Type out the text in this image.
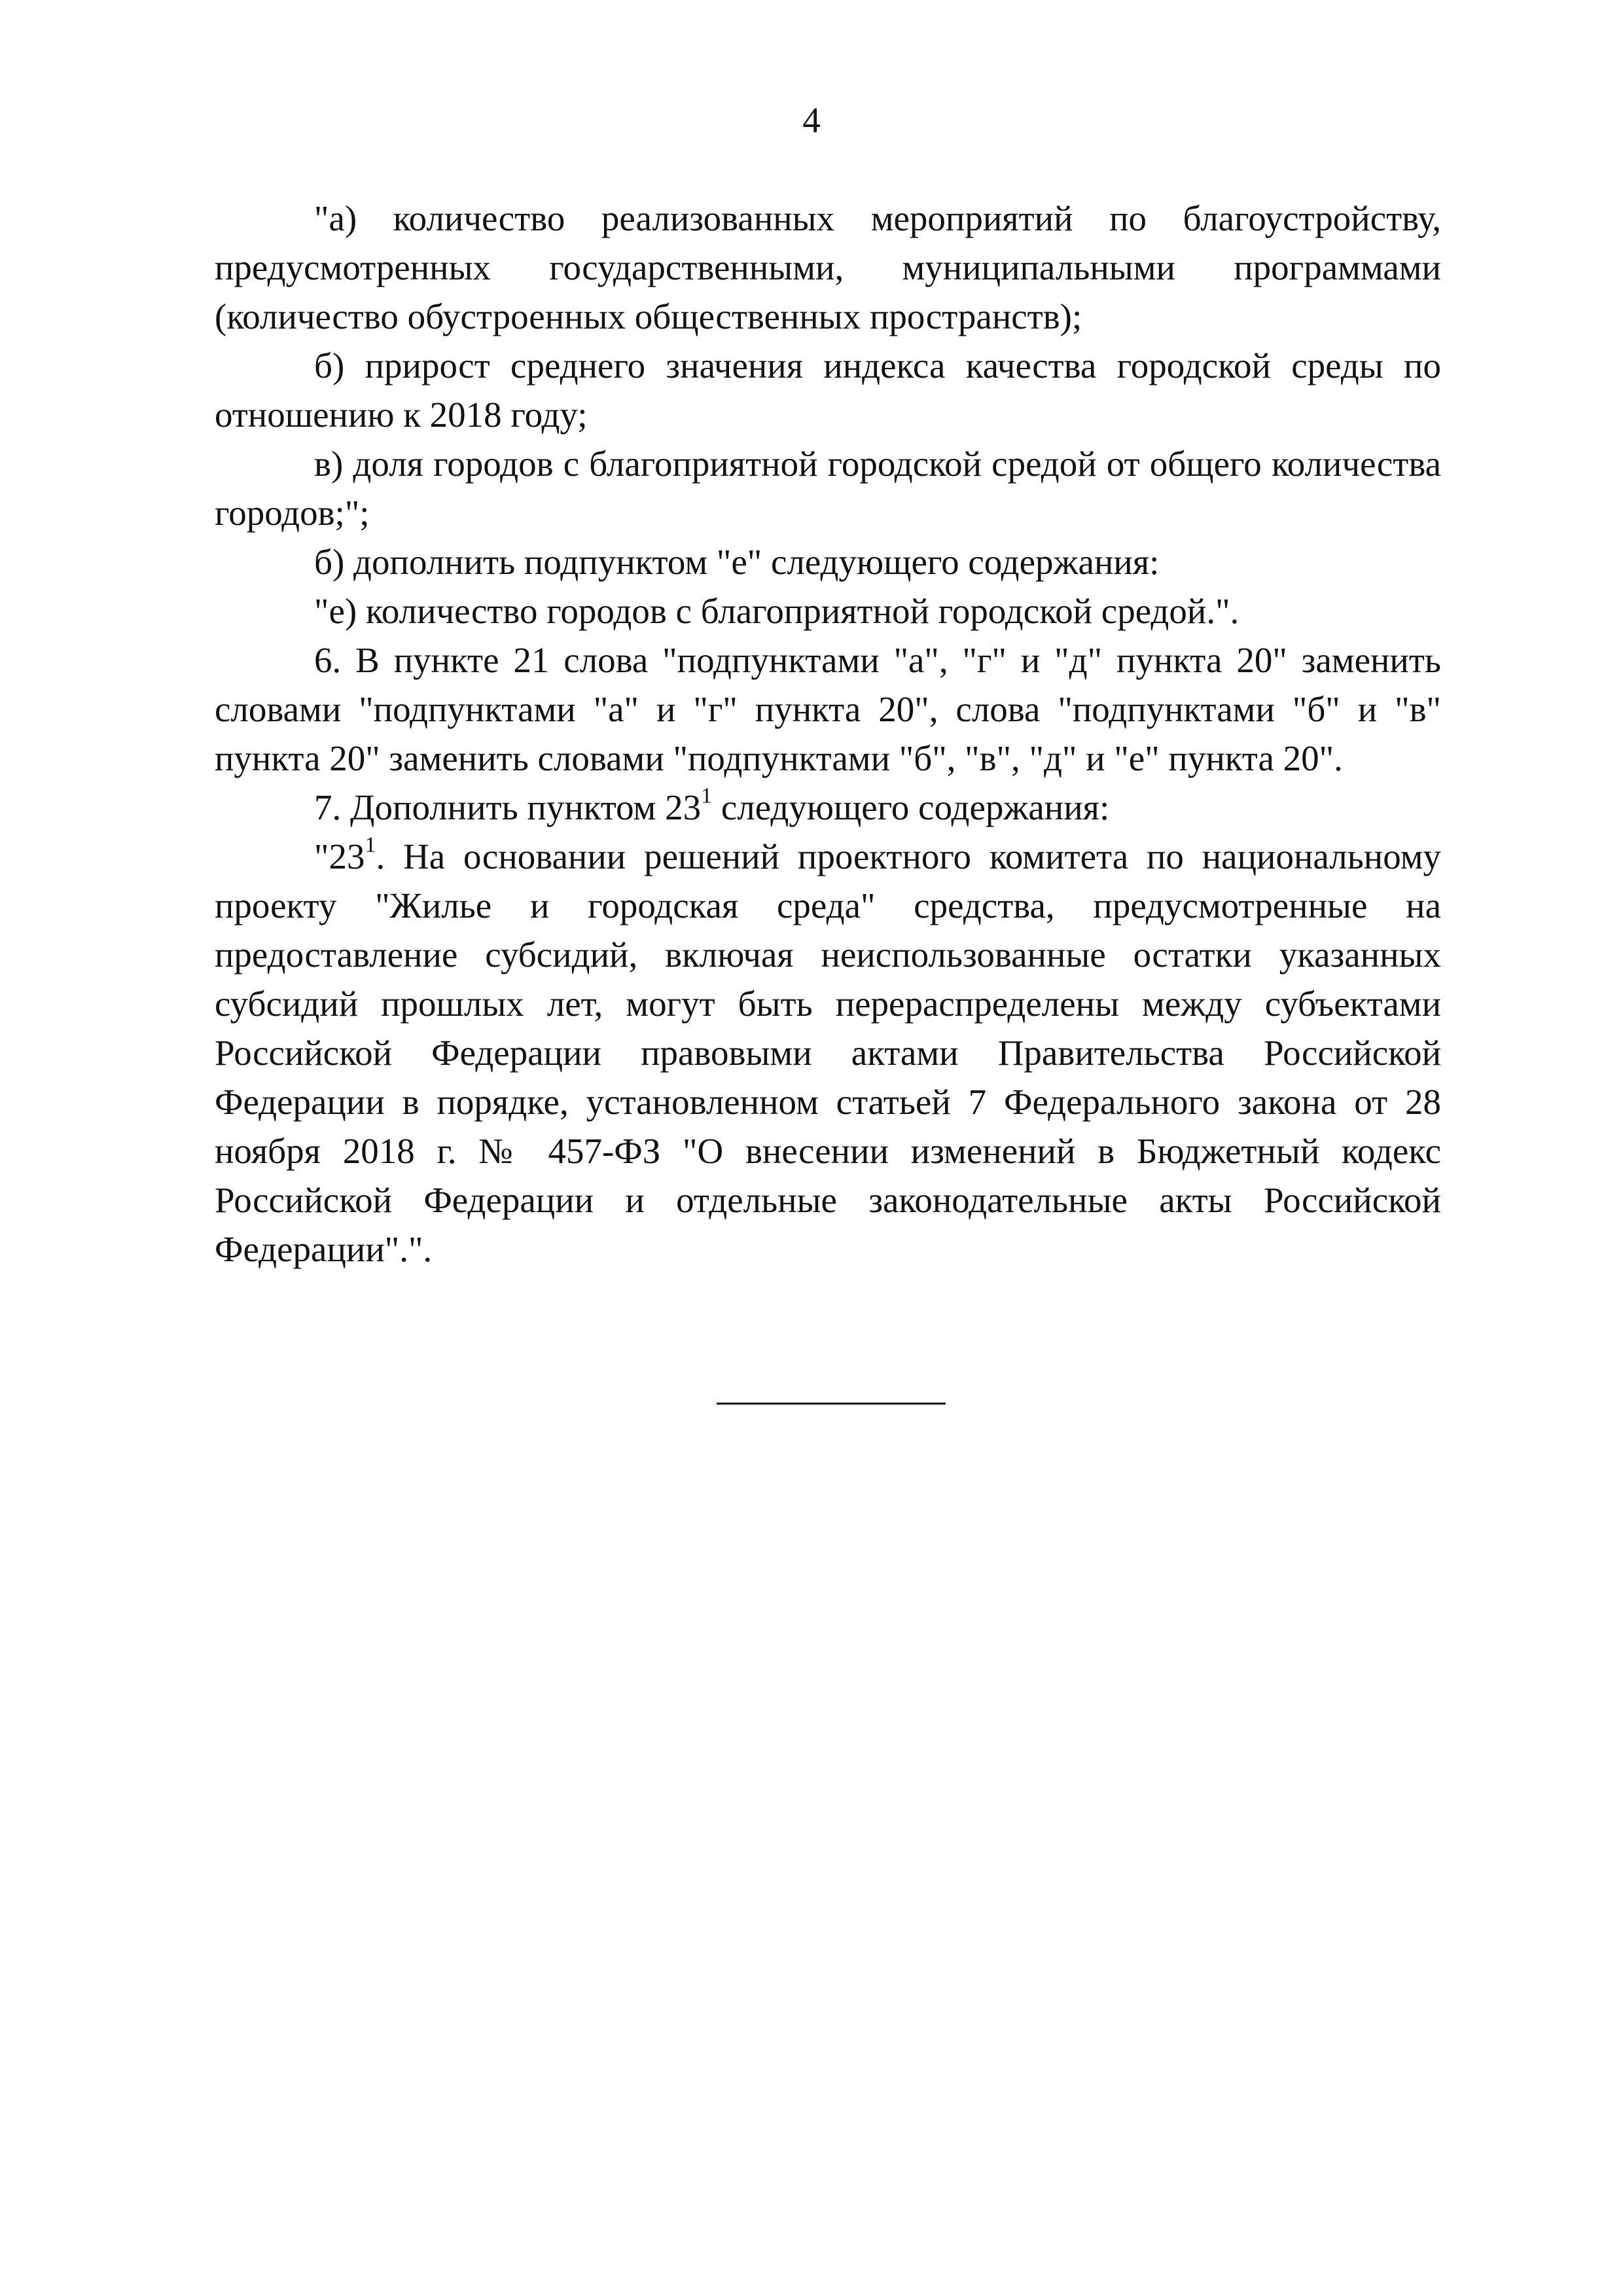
4

"а) количество реализованных мероприятий по благоустройству, предусмотренных государственными, муниципальными программами (количество обустроенных общественных пространств);

б) прирост среднего значения индекса качества городской среды по отношению к 2018 году;

в) доля городов с благоприятной городской средой от общего количества городов;";

б) дополнить подпунктом "е" следующего содержания:

"е) количество городов с благоприятной городской средой.".

6. В пункте 21 слова "подпунктами "а", "г" и "д" пункта 20" заменить словами "подпунктами "а" и "г" пункта 20", слова "подпунктами "б" и "в" пункта 20" заменить словами "подпунктами "б", "в", "д" и "е" пункта 20".

7. Дополнить пунктом $23^1$ следующего содержания:

"$23^1$. На основании решений проектного комитета по национальному проекту "Жилье и городская среда" средства, предусмотренные на предоставление субсидий, включая неиспользованные остатки указанных субсидий прошлых лет, могут быть перераспределены между субъектами Российской Федерации правовыми актами Правительства Российской Федерации в порядке, установленном статьей 7 Федерального закона от 28 ноября 2018 г. № 457-ФЗ "О внесении изменений в Бюджетный кодекс Российской Федерации и отдельные законодательные акты Российской Федерации".".
